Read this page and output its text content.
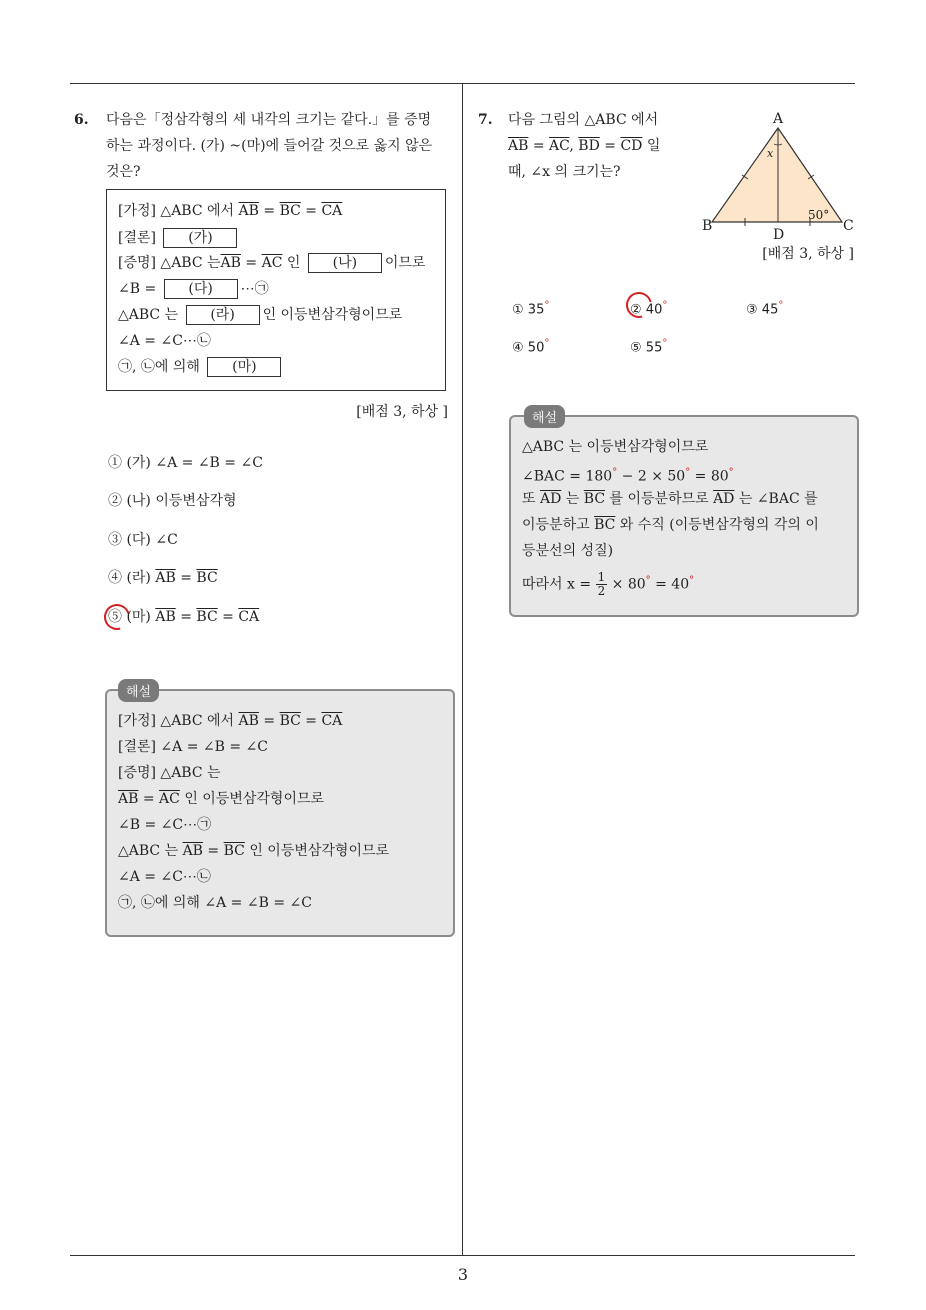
3
6. 다음은「정삼각형의 세 내각의 크기는 같다.」를 증명
하는 과정이다. (가) ~(마)에 들어갈 것으로 옳지 않은
것은?
[가정] △ABC 에서 $\overline{AB} = \overline{BC} = \overline{CA}$
[결론] (가)
[증명] △ABC 는$\overline{AB} = \overline{AC}$ 인 (나) 이므로
∠B = (다) ⋯㉠
△ABC 는 (라) 인 이등변삼각형이므로
∠A = ∠C⋯㉡
㉠, ㉡에 의해 (마)
[배점 3, 하상 ]
① (가) ∠A = ∠B = ∠C
② (나) 이등변삼각형
③ (다) ∠C
④ (라) $\overline{AB} = \overline{BC}$
⑤ (마) $\overline{AB} = \overline{BC} = \overline{CA}$
해설
[가정] △ABC 에서 $\overline{AB} = \overline{BC} = \overline{CA}$
[결론] ∠A = ∠B = ∠C
[증명] △ABC 는
$\overline{AB} = \overline{AC}$ 인 이등변삼각형이므로
∠B = ∠C⋯㉠
△ABC 는 $\overline{AB} = \overline{BC}$ 인 이등변삼각형이므로
∠A = ∠C⋯㉡
㉠, ㉡에 의해 ∠A = ∠B = ∠C
7. 다음 그림의 △ABC 에서
$\overline{AB} = \overline{AC}$, $\overline{BD} = \overline{CD}$ 일
때, ∠x 의 크기는?
A
B	C
D
x
50°
[배점 3, 하상 ]
① 35°	② 40°	③ 45°
④ 50°	⑤ 55°
해설
△ABC 는 이등변삼각형이므로
∠BAC = 180° − 2 × 50° = 80°
또 $\overline{AD}$ 는 $\overline{BC}$ 를 이등분하므로 $\overline{AD}$ 는 ∠BAC 를
이등분하고 $\overline{BC}$ 와 수직 (이등변삼각형의 각의 이
등분선의 성질)
따라서 $x = \frac{1}{2} \times 80^\circ = 40^\circ$
